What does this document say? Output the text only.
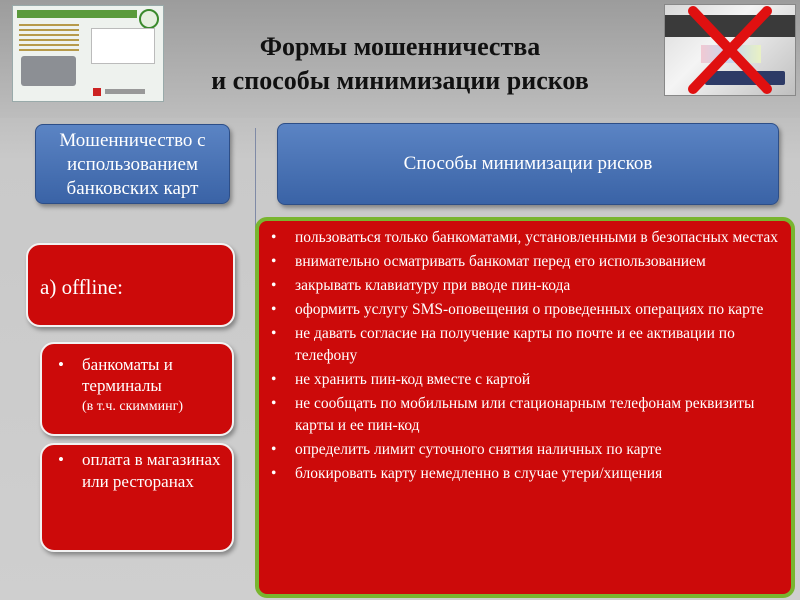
Формы мошенничества
и способы минимизации рисков
Мошенничество с использованием банковских карт
Способы минимизации рисков
а) offline:
• банкоматы и терминалы
(в т.ч. скимминг)
• оплата в магазинах или ресторанах
• пользоваться только банкоматами, установленными в безопасных местах
• внимательно осматривать банкомат перед его использованием
• закрывать клавиатуру при вводе пин-кода
• оформить услугу SMS-оповещения о проведенных операциях по карте
• не давать согласие на получение карты по почте и ее активации по телефону
• не хранить пин-код вместе с картой
• не сообщать по мобильным или стационарным телефонам реквизиты карты и ее пин-код
• определить лимит суточного снятия наличных по карте
• блокировать карту немедленно в случае утери/хищения
